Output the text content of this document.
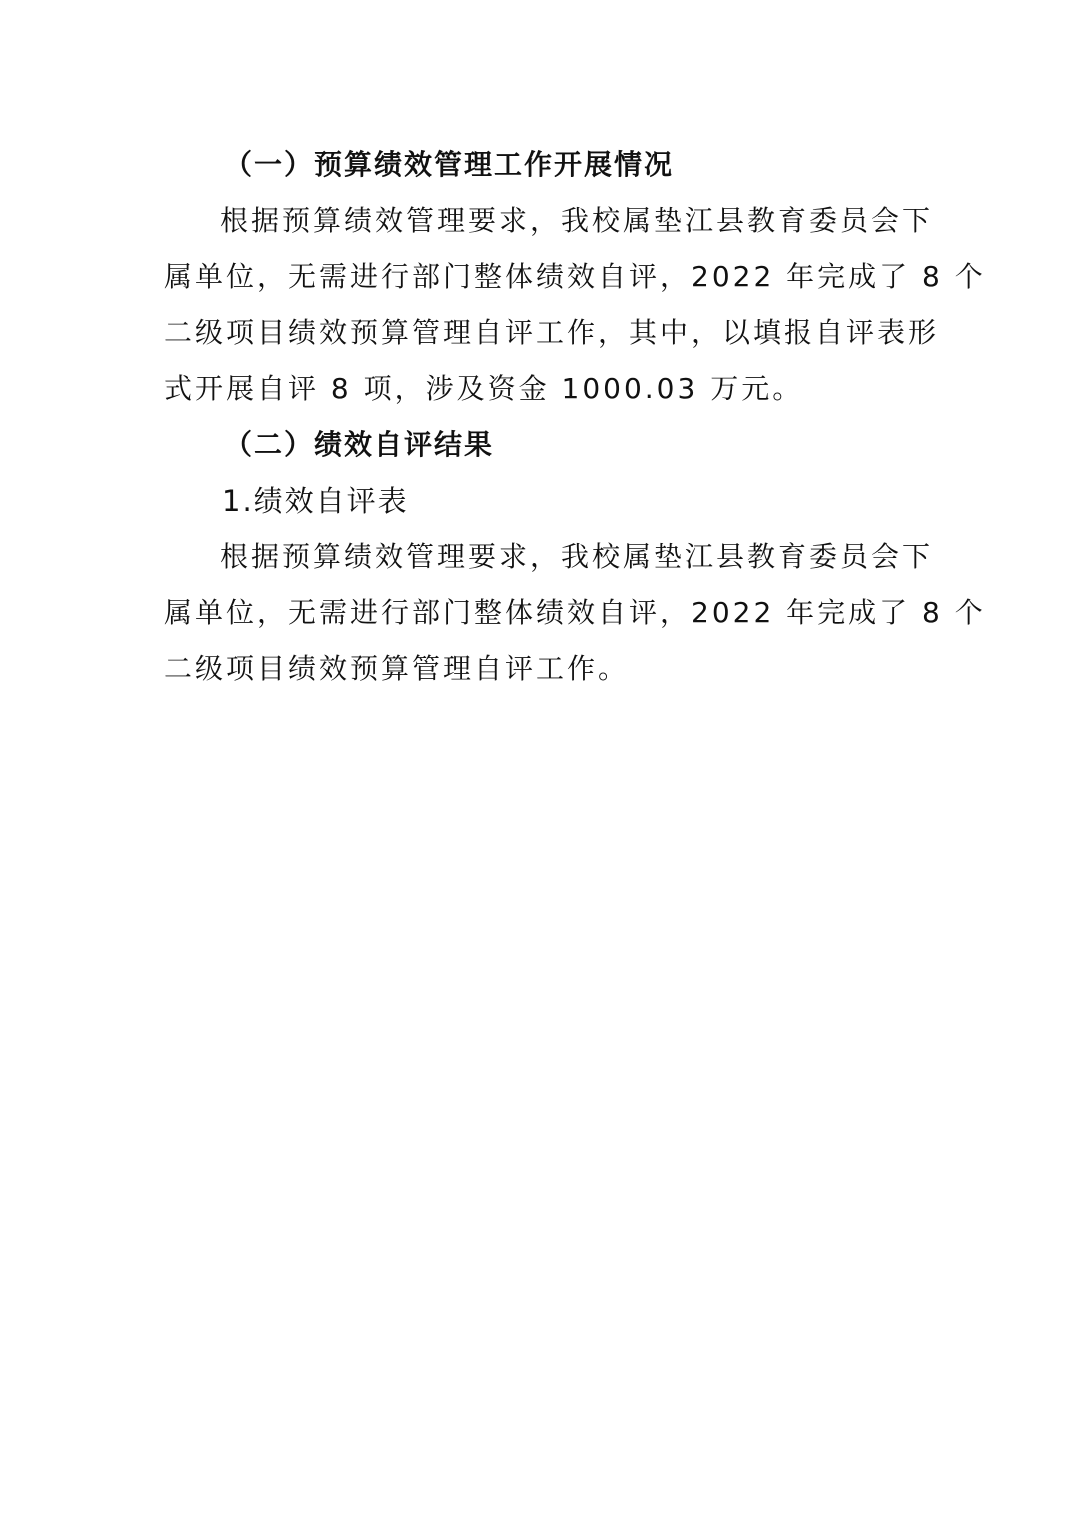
（一）预算绩效管理工作开展情况
根据预算绩效管理要求，我校属垫江县教育委员会下
属单位，无需进行部门整体绩效自评，2022 年完成了 8 个
二级项目绩效预算管理自评工作，其中，以填报自评表形
式开展自评 8 项，涉及资金 1000.03 万元。
（二）绩效自评结果
1.绩效自评表
根据预算绩效管理要求，我校属垫江县教育委员会下
属单位，无需进行部门整体绩效自评，2022 年完成了 8 个
二级项目绩效预算管理自评工作。
